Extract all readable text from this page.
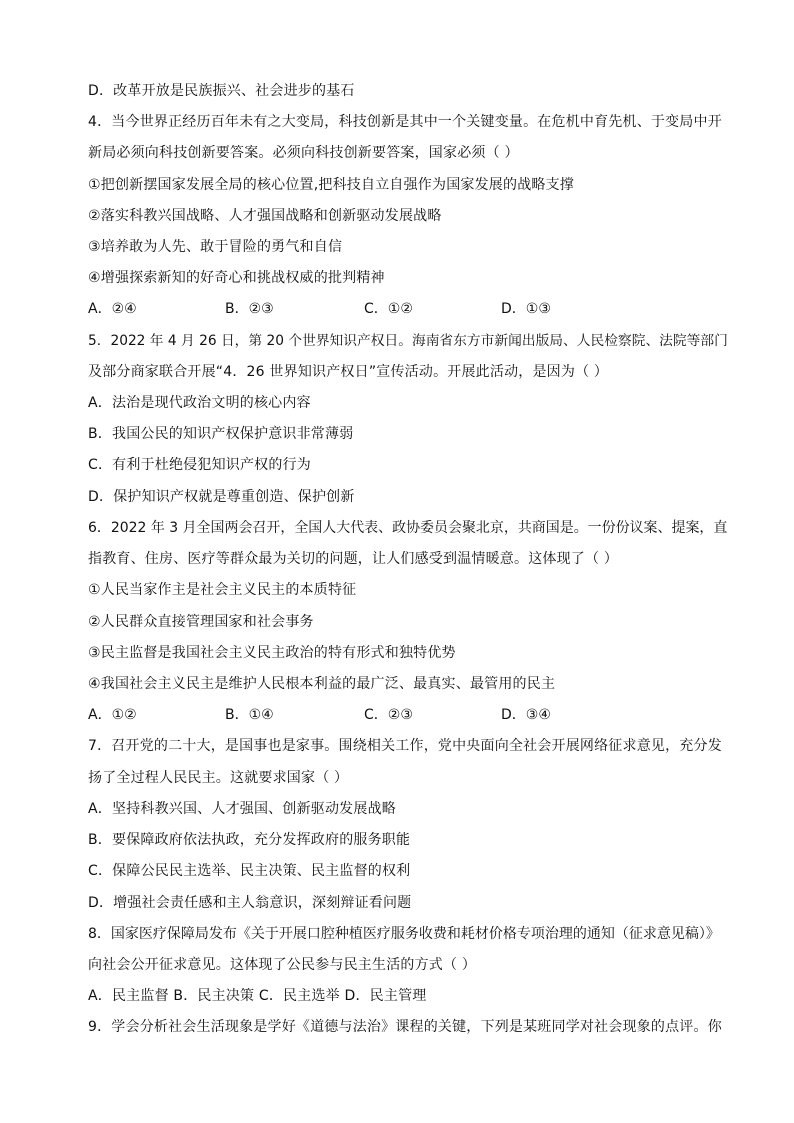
D．改革开放是民族振兴、社会进步的基石
4．当今世界正经历百年未有之大变局，科技创新是其中一个关键变量。在危机中育先机、于变局中开
新局必须向科技创新要答案。必须向科技创新要答案，国家必须（ ）
①把创新摆国家发展全局的核心位置,把科技自立自强作为国家发展的战略支撑
②落实科教兴国战略、人才强国战略和创新驱动发展战略
③培养敢为人先、敢于冒险的勇气和自信
④增强探索新知的好奇心和挑战权威的批判精神
A．②④	B．②③	C．①②	D．①③
5．2022 年 4 月 26 日，第 20 个世界知识产权日。海南省东方市新闻出版局、人民检察院、法院等部门
及部分商家联合开展“4．26 世界知识产权日”宣传活动。开展此活动，是因为（ ）
A．法治是现代政治文明的核心内容
B．我国公民的知识产权保护意识非常薄弱
C．有利于杜绝侵犯知识产权的行为
D．保护知识产权就是尊重创造、保护创新
6．2022 年 3 月全国两会召开，全国人大代表、政协委员会聚北京，共商国是。一份份议案、提案，直
指教育、住房、医疗等群众最为关切的问题，让人们感受到温情暖意。这体现了（ ）
①人民当家作主是社会主义民主的本质特征
②人民群众直接管理国家和社会事务
③民主监督是我国社会主义民主政治的特有形式和独特优势
④我国社会主义民主是维护人民根本利益的最广泛、最真实、最管用的民主
A．①②	B．①④	C．②③	D．③④
7．召开党的二十大，是国事也是家事。围绕相关工作，党中央面向全社会开展网络征求意见，充分发
扬了全过程人民民主。这就要求国家（ ）
A．坚持科教兴国、人才强国、创新驱动发展战略
B．要保障政府依法执政，充分发挥政府的服务职能
C．保障公民民主选举、民主决策、民主监督的权利
D．增强社会责任感和主人翁意识，深刻辩证看问题
8．国家医疗保障局发布《关于开展口腔种植医疗服务收费和耗材价格专项治理的通知（征求意见稿）》
向社会公开征求意见。这体现了公民参与民主生活的方式（ ）
A．民主监督 B．民主决策 C．民主选举 D．民主管理
9．学会分析社会生活现象是学好《道德与法治》课程的关键，下列是某班同学对社会现象的点评。你
